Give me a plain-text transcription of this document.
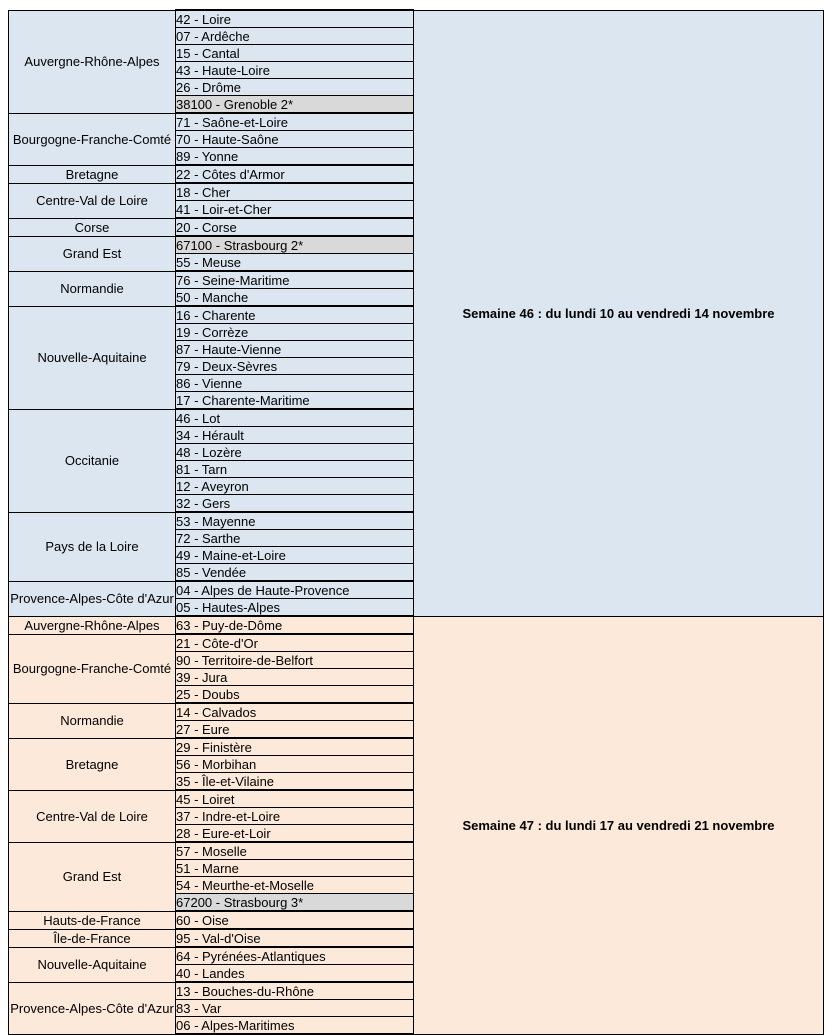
Auvergne-Rhône-Alpes	42 - Loire	Semaine 46 : du lundi 10 au vendredi 14 novembre
	07 - Ardêche	
	15 - Cantal	
	43 - Haute-Loire	
	26 - Drôme	
	38100 - Grenoble 2*	
Bourgogne-Franche-Comté	71 - Saône-et-Loire	
	70 - Haute-Saône	
	89 - Yonne	
Bretagne	22 - Côtes d'Armor	
Centre-Val de Loire	18 - Cher	
	41 - Loir-et-Cher	
Corse	20 - Corse	
Grand Est	67100 - Strasbourg 2*	
	55 - Meuse	
Normandie	76 - Seine-Maritime	
	50 - Manche	
Nouvelle-Aquitaine	16 - Charente	
	19 - Corrèze	
	87 - Haute-Vienne	
	79 - Deux-Sèvres	
	86 - Vienne	
	17 - Charente-Maritime	
Occitanie	46 - Lot	
	34 - Hérault	
	48 - Lozère	
	81 - Tarn	
	12 - Aveyron	
	32 - Gers	
Pays de la Loire	53 - Mayenne	
	72 - Sarthe	
	49 - Maine-et-Loire	
	85 - Vendée	
Provence-Alpes-Côte d'Azur	04 - Alpes de Haute-Provence	
	05 - Hautes-Alpes	
Auvergne-Rhône-Alpes	63 - Puy-de-Dôme	Semaine 47 : du lundi 17 au vendredi 21 novembre
Bourgogne-Franche-Comté	21 - Côte-d'Or	
	90 - Territoire-de-Belfort	
	39 - Jura	
	25 - Doubs	
Normandie	14 - Calvados	
	27 - Eure	
Bretagne	29 - Finistère	
	56 - Morbihan	
	35 - Île-et-Vilaine	
Centre-Val de Loire	45 - Loiret	
	37 - Indre-et-Loire	
	28 - Eure-et-Loir	
Grand Est	57 - Moselle	
	51 - Marne	
	54 - Meurthe-et-Moselle	
	67200 - Strasbourg 3*	
Hauts-de-France	60 - Oise	
Île-de-France	95 - Val-d'Oise	
Nouvelle-Aquitaine	64 - Pyrénées-Atlantiques	
	40 - Landes	
Provence-Alpes-Côte d'Azur	13 - Bouches-du-Rhône	
	83 - Var	
	06 - Alpes-Maritimes	
